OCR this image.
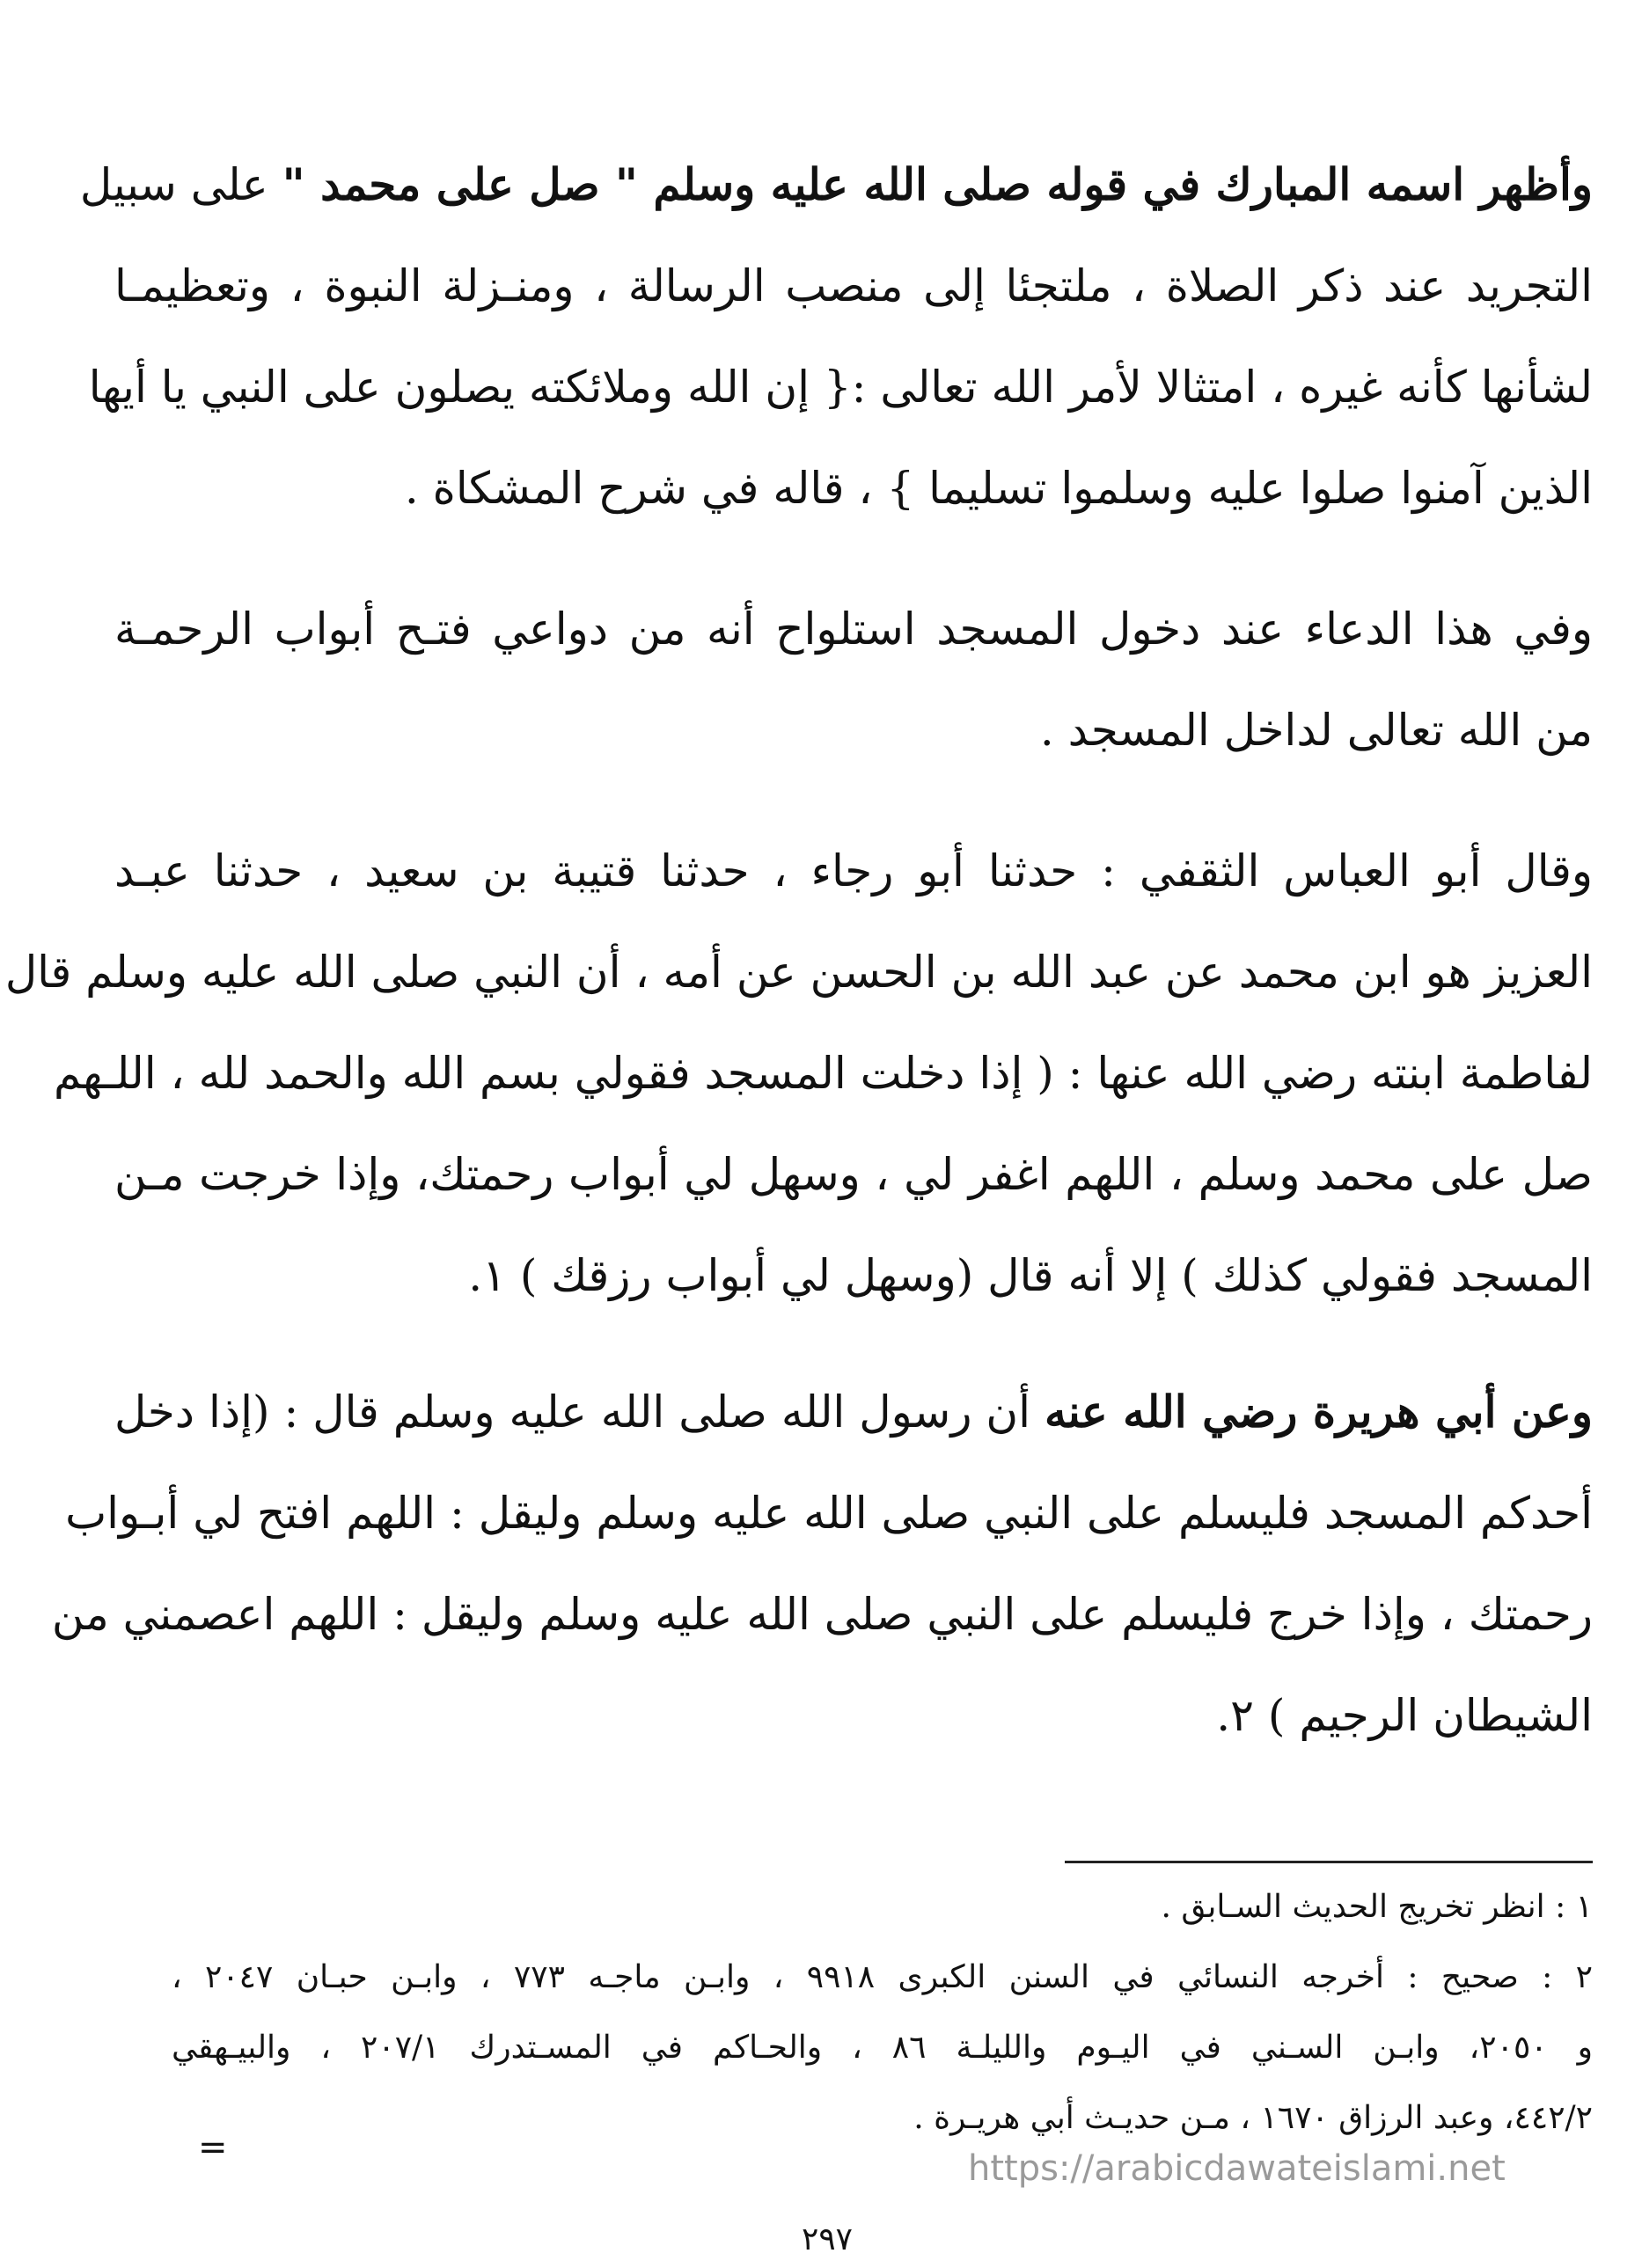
وأظهر اسمه المبارك في قوله صلى الله عليه وسلم " صل على محمد " على سبيل
التجريد عند ذكر الصلاة ، ملتجئا إلى منصب الرسالة ، ومنـزلة النبوة ، وتعظيمـا
لشأنها كأنه غيره ، امتثالا لأمر الله تعالى :{ إن الله وملائكته يصلون على النبي يا أيها
الذين آمنوا صلوا عليه وسلموا تسليما } ، قاله في شرح المشكاة .
وفي هذا الدعاء عند دخول المسجد استلواح أنه من دواعي فتـح أبواب الرحمـة
من الله تعالى لداخل المسجد .
وقال أبو العباس الثقفي : حدثنا أبو رجاء ، حدثنا قتيبة بن سعيد ، حدثنا عبـد
العزيز هو ابن محمد عن عبد الله بن الحسن عن أمه ، أن النبي صلى الله عليه وسلم قال
لفاطمة ابنته رضي الله عنها : ( إذا دخلت المسجد فقولي بسم الله والحمد لله ، اللـهم
صل على محمد وسلم ، اللهم اغفر لي ، وسهل لي أبواب رحمتك، وإذا خرجت مـن
المسجد فقولي كذلك ) إلا أنه قال (وسهل لي أبواب رزقك ) ١.
وعن أبي هريرة رضي الله عنه أن رسول الله صلى الله عليه وسلم قال : (إذا دخل
أحدكم المسجد فليسلم على النبي صلى الله عليه وسلم وليقل : اللهم افتح لي أبـواب
رحمتك ، وإذا خرج فليسلم على النبي صلى الله عليه وسلم وليقل : اللهم اعصمني من
الشيطان الرجيم ) ٢.
١ : انظر تخريج الحديث السـابق .
٢ : صحيح : أخرجه النسائي في السنن الكبرى ٩٩١٨ ، وابـن ماجـه ٧٧٣ ، وابـن حبـان ٢٠٤٧ ،
و ٢٠٥٠، وابـن السـني في اليـوم والليلـة ٨٦ ، والحـاكم في المسـتدرك ٢٠٧/١ ، والبيـهقي
٤٤٢/٢، وعبد الرزاق ١٦٧٠ ، مـن حديـث أبي هريـرة .
=
https://arabicdawateislami.net
٢٩٧
